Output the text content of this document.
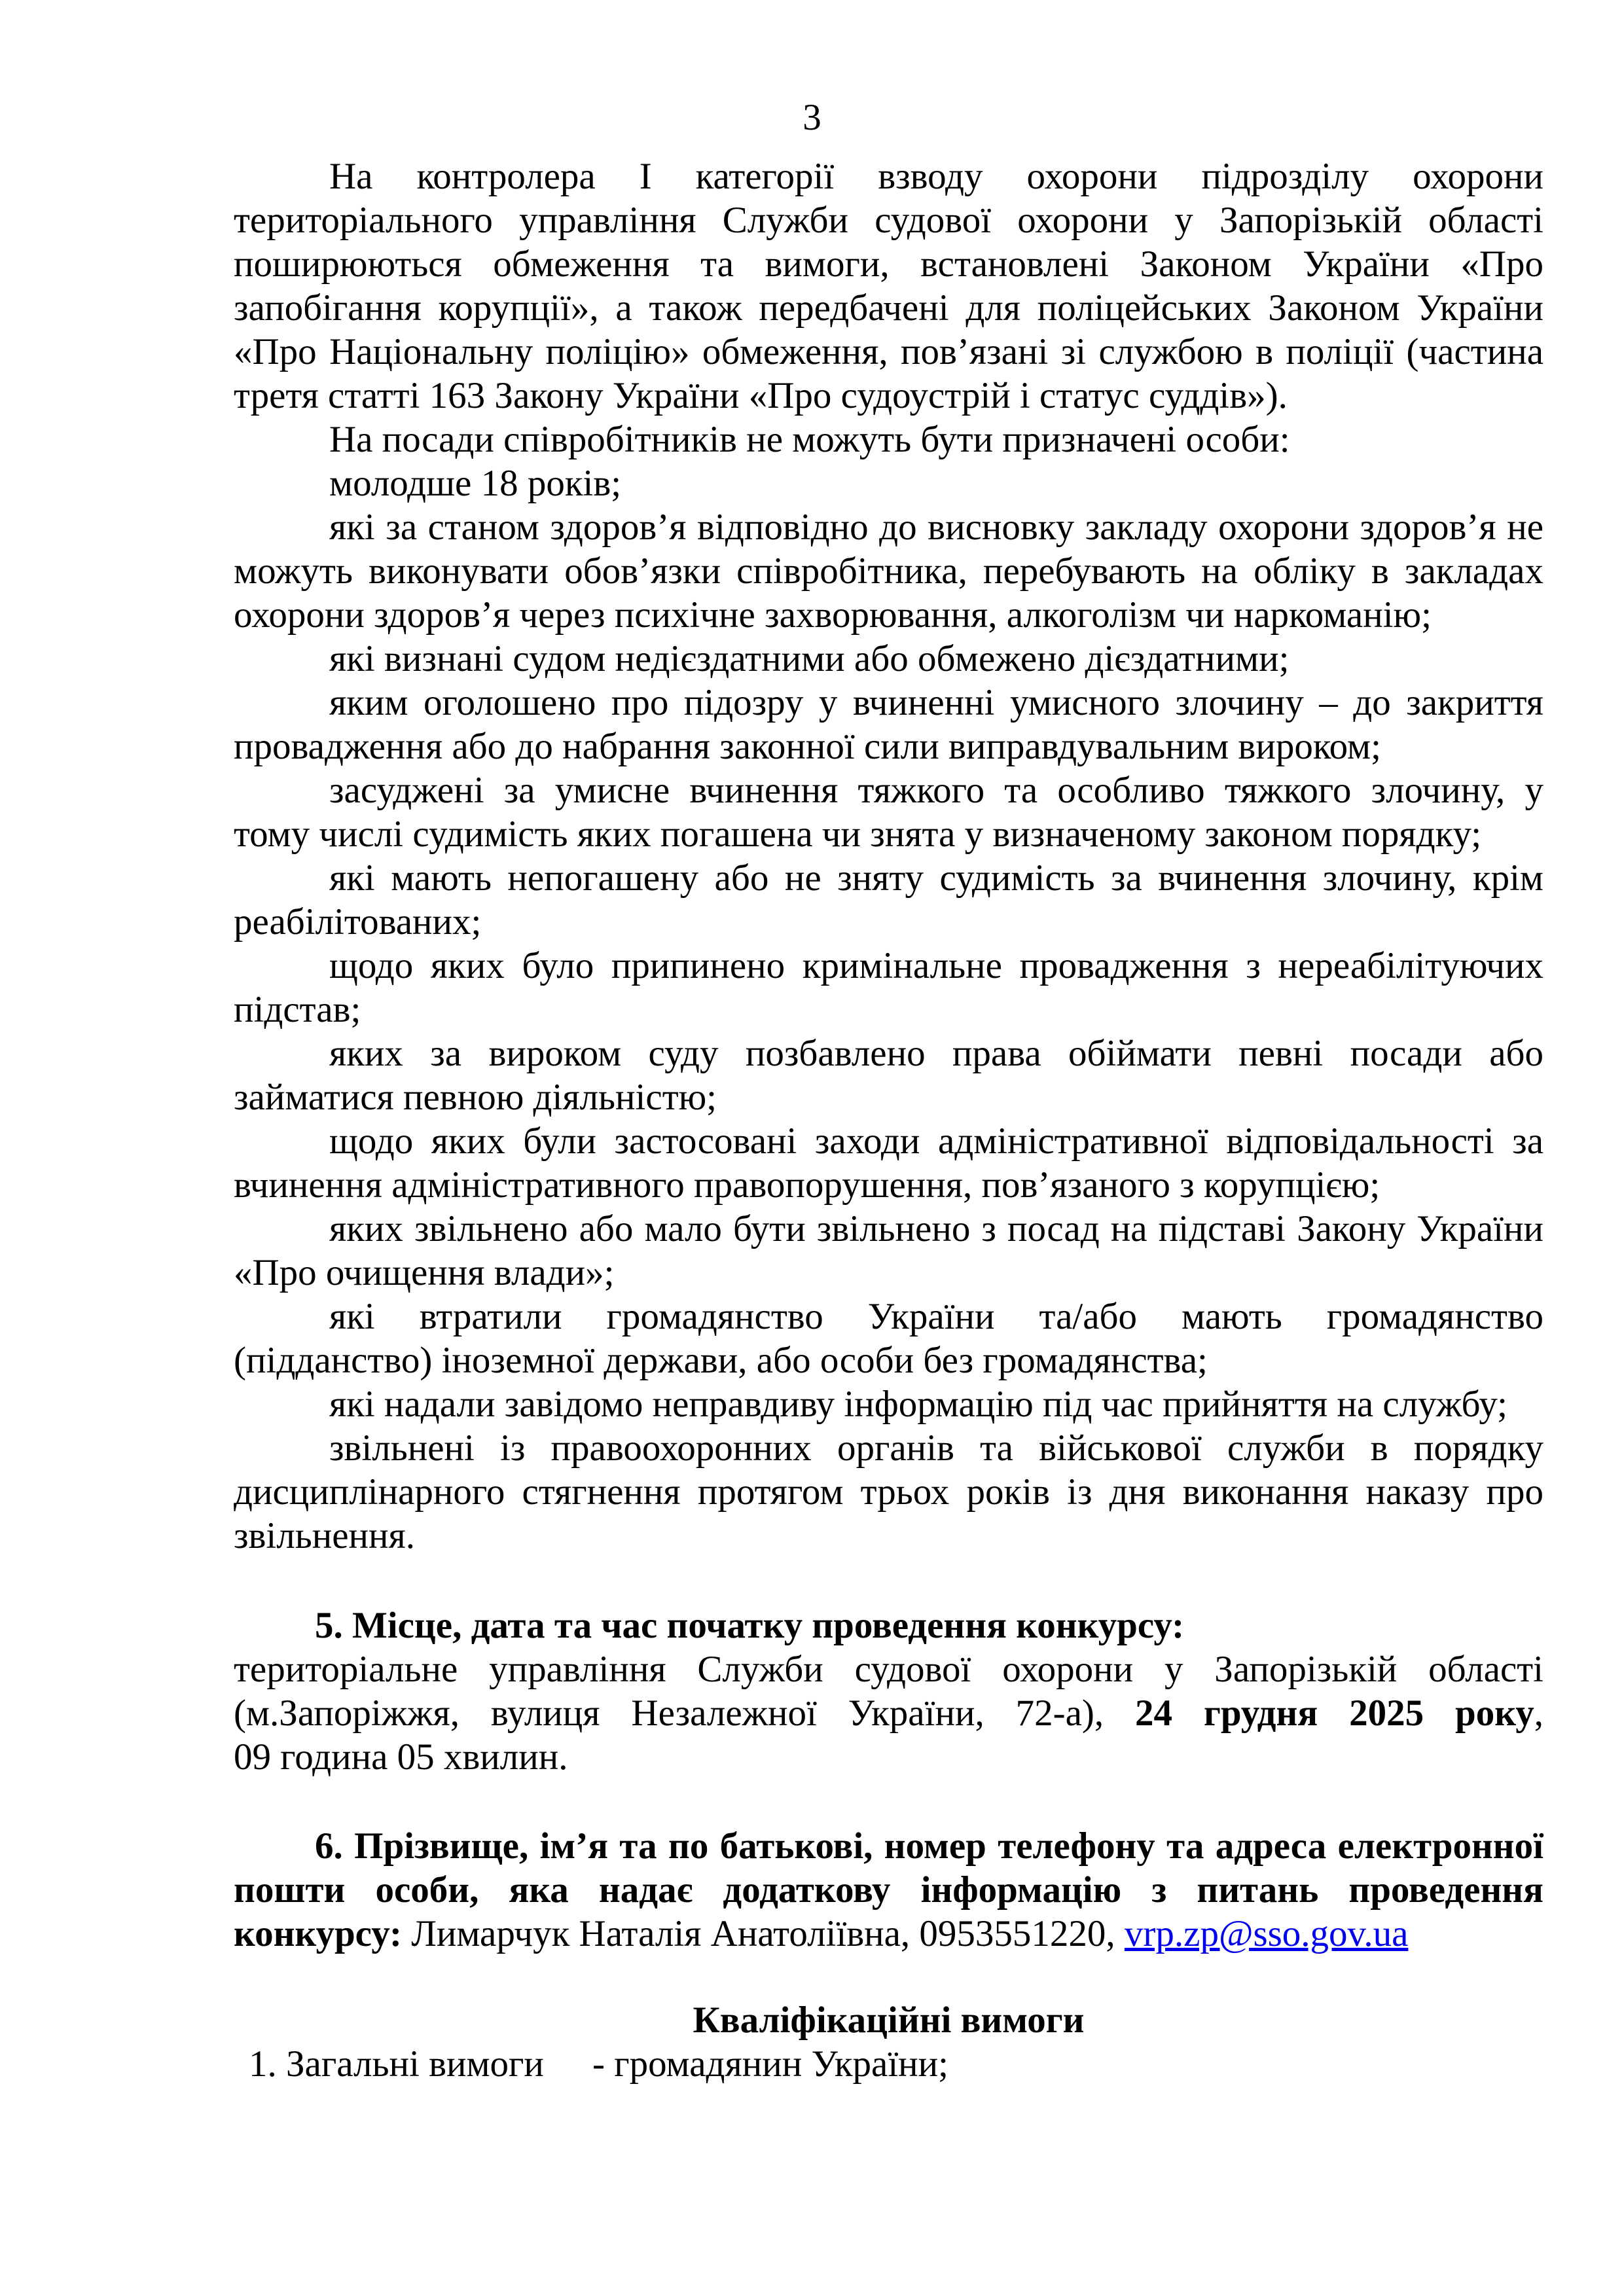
3
На контролера І категорії взводу охорони підрозділу охорони
територіального управління Служби судової охорони у Запорізькій області
поширюються обмеження та вимоги, встановлені Законом України «Про
запобігання корупції», а також передбачені для поліцейських Законом України
«Про Національну поліцію» обмеження, пов’язані зі службою в поліції (частина
третя статті 163 Закону України «Про судоустрій і статус суддів»).
На посади співробітників не можуть бути призначені особи:
молодше 18 років;
які за станом здоров’я відповідно до висновку закладу охорони здоров’я не
можуть виконувати обов’язки співробітника, перебувають на обліку в закладах
охорони здоров’я через психічне захворювання, алкоголізм чи наркоманію;
які визнані судом недієздатними або обмежено дієздатними;
яким оголошено про підозру у вчиненні умисного злочину – до закриття
провадження або до набрання законної сили виправдувальним вироком;
засуджені за умисне вчинення тяжкого та особливо тяжкого злочину, у
тому числі судимість яких погашена чи знята у визначеному законом порядку;
які мають непогашену або не зняту судимість за вчинення злочину, крім
реабілітованих;
щодо яких було припинено кримінальне провадження з нереабілітуючих
підстав;
яких за вироком суду позбавлено права обіймати певні посади або
займатися певною діяльністю;
щодо яких були застосовані заходи адміністративної відповідальності за
вчинення адміністративного правопорушення, пов’язаного з корупцією;
яких звільнено або мало бути звільнено з посад на підставі Закону України
«Про очищення влади»;
які втратили громадянство України та/або мають громадянство
(підданство) іноземної держави, або особи без громадянства;
які надали завідомо неправдиву інформацію під час прийняття на службу;
звільнені із правоохоронних органів та військової служби в порядку
дисциплінарного стягнення протягом трьох років із дня виконання наказу про
звільнення.
5. Місце, дата та час початку проведення конкурсу:
територіальне управління Служби судової охорони у Запорізькій області
(м.Запоріжжя, вулиця Незалежної України, 72-а), 24 грудня 2025 року,
09 година 05 хвилин.
6. Прізвище, ім’я та по батькові, номер телефону та адреса електронної
пошти особи, яка надає додаткову інформацію з питань проведення
конкурсу: Лимарчук Наталія Анатоліївна, 0953551220, vrp.zp@sso.gov.ua
Кваліфікаційні вимоги
1. Загальні вимоги - громадянин України;
